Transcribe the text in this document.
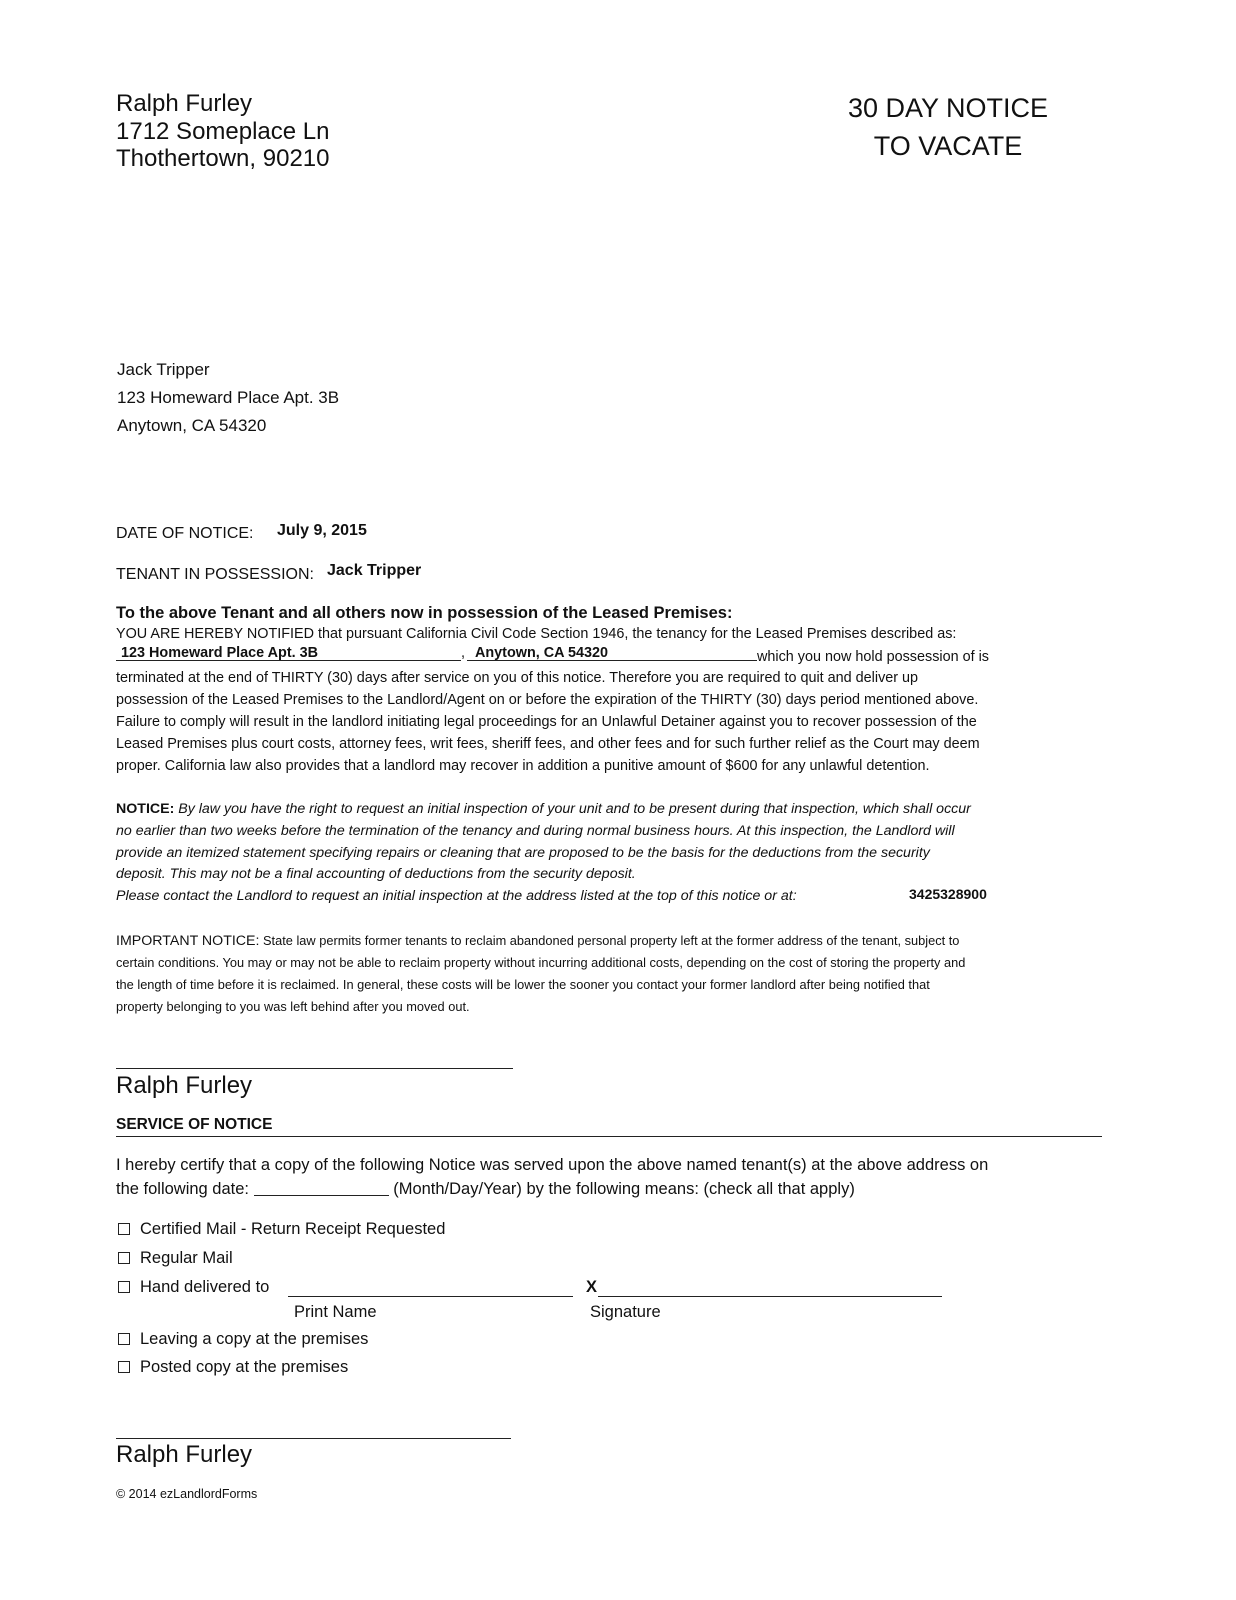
Ralph Furley
1712 Someplace Ln
Thothertown, 90210
30 DAY NOTICE
TO VACATE
Jack Tripper
123 Homeward Place Apt. 3B
Anytown, CA 54320
DATE OF NOTICE: July 9, 2015
TENANT IN POSSESSION: Jack Tripper
To the above Tenant and all others now in possession of the Leased Premises:
YOU ARE HEREBY NOTIFIED that pursuant California Civil Code Section 1946, the tenancy for the Leased Premises described as:
123 Homeward Place Apt. 3B	, Anytown, CA 54320	which you now hold possession of is
terminated at the end of THIRTY (30) days after service on you of this notice. Therefore you are required to quit and deliver up
possession of the Leased Premises to the Landlord/Agent on or before the expiration of the THIRTY (30) days period mentioned above.
Failure to comply will result in the landlord initiating legal proceedings for an Unlawful Detainer against you to recover possession of the
Leased Premises plus court costs, attorney fees, writ fees, sheriff fees, and other fees and for such further relief as the Court may deem
proper. California law also provides that a landlord may recover in addition a punitive amount of $600 for any unlawful detention.
NOTICE: By law you have the right to request an initial inspection of your unit and to be present during that inspection, which shall occur
no earlier than two weeks before the termination of the tenancy and during normal business hours. At this inspection, the Landlord will
provide an itemized statement specifying repairs or cleaning that are proposed to be the basis for the deductions from the security
deposit. This may not be a final accounting of deductions from the security deposit.
Please contact the Landlord to request an initial inspection at the address listed at the top of this notice or at:	3425328900
IMPORTANT NOTICE: State law permits former tenants to reclaim abandoned personal property left at the former address of the tenant, subject to
certain conditions. You may or may not be able to reclaim property without incurring additional costs, depending on the cost of storing the property and
the length of time before it is reclaimed. In general, these costs will be lower the sooner you contact your former landlord after being notified that
property belonging to you was left behind after you moved out.
Ralph Furley
SERVICE OF NOTICE
I hereby certify that a copy of the following Notice was served upon the above named tenant(s) at the above address on
the following date:	(Month/Day/Year) by the following means: (check all that apply)
Certified Mail - Return Receipt Requested
Regular Mail
Hand delivered to	X
Print Name	Signature
Leaving a copy at the premises
Posted copy at the premises
Ralph Furley
© 2014 ezLandlordForms
